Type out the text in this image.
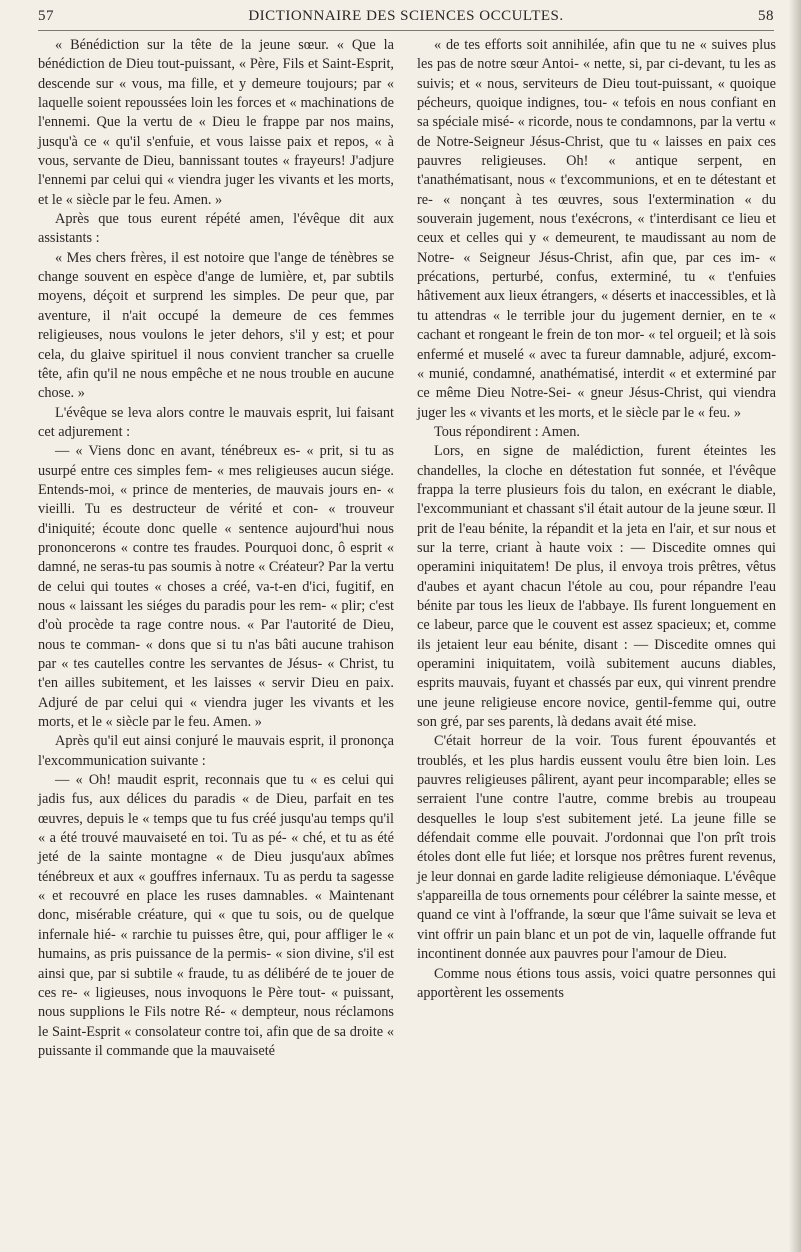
57	DICTIONNAIRE DES SCIENCES OCCULTES.	58

« Bénédiction sur la tête de la jeune sœur. « Que la bénédiction de Dieu tout-puissant, « Père, Fils et Saint-Esprit, descende sur « vous, ma fille, et y demeure toujours; par « laquelle soient repoussées loin les forces et « machinations de l'ennemi. Que la vertu de « Dieu le frappe par nos mains, jusqu'à ce « qu'il s'enfuie, et vous laisse paix et repos, « à vous, servante de Dieu, bannissant toutes « frayeurs! J'adjure l'ennemi par celui qui « viendra juger les vivants et les morts, et le « siècle par le feu. Amen. »

Après que tous eurent répété amen, l'évêque dit aux assistants :

« Mes chers frères, il est notoire que l'ange de ténèbres se change souvent en espèce d'ange de lumière, et, par subtils moyens, déçoit et surprend les simples. De peur que, par aventure, il n'ait occupé la demeure de ces femmes religieuses, nous voulons le jeter dehors, s'il y est; et pour cela, du glaive spirituel il nous convient trancher sa cruelle tête, afin qu'il ne nous empêche et ne nous trouble en aucune chose. »

L'évêque se leva alors contre le mauvais esprit, lui faisant cet adjurement :

— « Viens donc en avant, ténébreux es- « prit, si tu as usurpé entre ces simples fem- « mes religieuses aucun siége. Entends-moi, « prince de menteries, de mauvais jours en- « vieilli. Tu es destructeur de vérité et con- « trouveur d'iniquité; écoute donc quelle « sentence aujourd'hui nous prononcerons « contre tes fraudes. Pourquoi donc, ô esprit « damné, ne seras-tu pas soumis à notre « Créateur? Par la vertu de celui qui toutes « choses a créé, va-t-en d'ici, fugitif, en nous « laissant les siéges du paradis pour les rem- « plir; c'est d'où procède ta rage contre nous. « Par l'autorité de Dieu, nous te comman- « dons que si tu n'as bâti aucune trahison par « tes cautelles contre les servantes de Jésus- « Christ, tu t'en ailles subitement, et les laisses « servir Dieu en paix. Adjuré de par celui qui « viendra juger les vivants et les morts, et le « siècle par le feu. Amen. »

Après qu'il eut ainsi conjuré le mauvais esprit, il prononça l'excommunication suivante :

— « Oh! maudit esprit, reconnais que tu « es celui qui jadis fus, aux délices du paradis « de Dieu, parfait en tes œuvres, depuis le « temps que tu fus créé jusqu'au temps qu'il « a été trouvé mauvaiseté en toi. Tu as pé- « ché, et tu as été jeté de la sainte montagne « de Dieu jusqu'aux abîmes ténébreux et aux « gouffres infernaux. Tu as perdu ta sagesse « et recouvré en place les ruses damnables. « Maintenant donc, misérable créature, qui « que tu sois, ou de quelque infernale hié- « rarchie tu puisses être, qui, pour affliger le « humains, as pris puissance de la permis- « sion divine, s'il est ainsi que, par si subtile « fraude, tu as délibéré de te jouer de ces re- « ligieuses, nous invoquons le Père tout- « puissant, nous supplions le Fils notre Ré- « dempteur, nous réclamons le Saint-Esprit « consolateur contre toi, afin que de sa droite « puissante il commande que la mauvaiseté

« de tes efforts soit annihilée, afin que tu ne « suives plus les pas de notre sœur Antoi- « nette, si, par ci-devant, tu les as suivis; et « nous, serviteurs de Dieu tout-puissant, « quoique pécheurs, quoique indignes, tou- « tefois en nous confiant en sa spéciale misé- « ricorde, nous te condamnons, par la vertu « de Notre-Seigneur Jésus-Christ, que tu « laisses en paix ces pauvres religieuses. Oh! « antique serpent, en t'anathématisant, nous « t'excommunions, et en te détestant et re- « nonçant à tes œuvres, sous l'extermination « du souverain jugement, nous t'exécrons, « t'interdisant ce lieu et ceux et celles qui y « demeurent, te maudissant au nom de Notre- « Seigneur Jésus-Christ, afin que, par ces im- « précations, perturbé, confus, exterminé, tu « t'enfuies hâtivement aux lieux étrangers, « déserts et inaccessibles, et là tu attendras « le terrible jour du jugement dernier, en te « cachant et rongeant le frein de ton mor- « tel orgueil; et là sois enfermé et muselé « avec ta fureur damnable, adjuré, excom- « munié, condamné, anathématisé, interdit « et exterminé par ce même Dieu Notre-Sei- « gneur Jésus-Christ, qui viendra juger les « vivants et les morts, et le siècle par le « feu. »

Tous répondirent : Amen.

Lors, en signe de malédiction, furent éteintes les chandelles, la cloche en détestation fut sonnée, et l'évêque frappa la terre plusieurs fois du talon, en exécrant le diable, l'excommuniant et chassant s'il était autour de la jeune sœur. Il prit de l'eau bénite, la répandit et la jeta en l'air, et sur nous et sur la terre, criant à haute voix : — Discedite omnes qui operamini iniquitatem! De plus, il envoya trois prêtres, vêtus d'aubes et ayant chacun l'étole au cou, pour répandre l'eau bénite par tous les lieux de l'abbaye. Ils furent longuement en ce labeur, parce que le couvent est assez spacieux; et, comme ils jetaient leur eau bénite, disant : — Discedite omnes qui operamini iniquitatem, voilà subitement aucuns diables, esprits mauvais, fuyant et chassés par eux, qui vinrent prendre une jeune religieuse encore novice, gentil-femme qui, outre son gré, par ses parents, là dedans avait été mise.

C'était horreur de la voir. Tous furent épouvantés et troublés, et les plus hardis eussent voulu être bien loin. Les pauvres religieuses pâlirent, ayant peur incomparable; elles se serraient l'une contre l'autre, comme brebis au troupeau desquelles le loup s'est subitement jeté. La jeune fille se défendait comme elle pouvait. J'ordonnai que l'on prît trois étoles dont elle fut liée; et lorsque nos prêtres furent revenus, je leur donnai en garde ladite religieuse démoniaque. L'évêque s'appareilla de tous ornements pour célébrer la sainte messe, et quand ce vint à l'offrande, la sœur que l'âme suivait se leva et vint offrir un pain blanc et un pot de vin, laquelle offrande fut incontinent donnée aux pauvres pour l'amour de Dieu.

Comme nous étions tous assis, voici quatre personnes qui apportèrent les ossements
